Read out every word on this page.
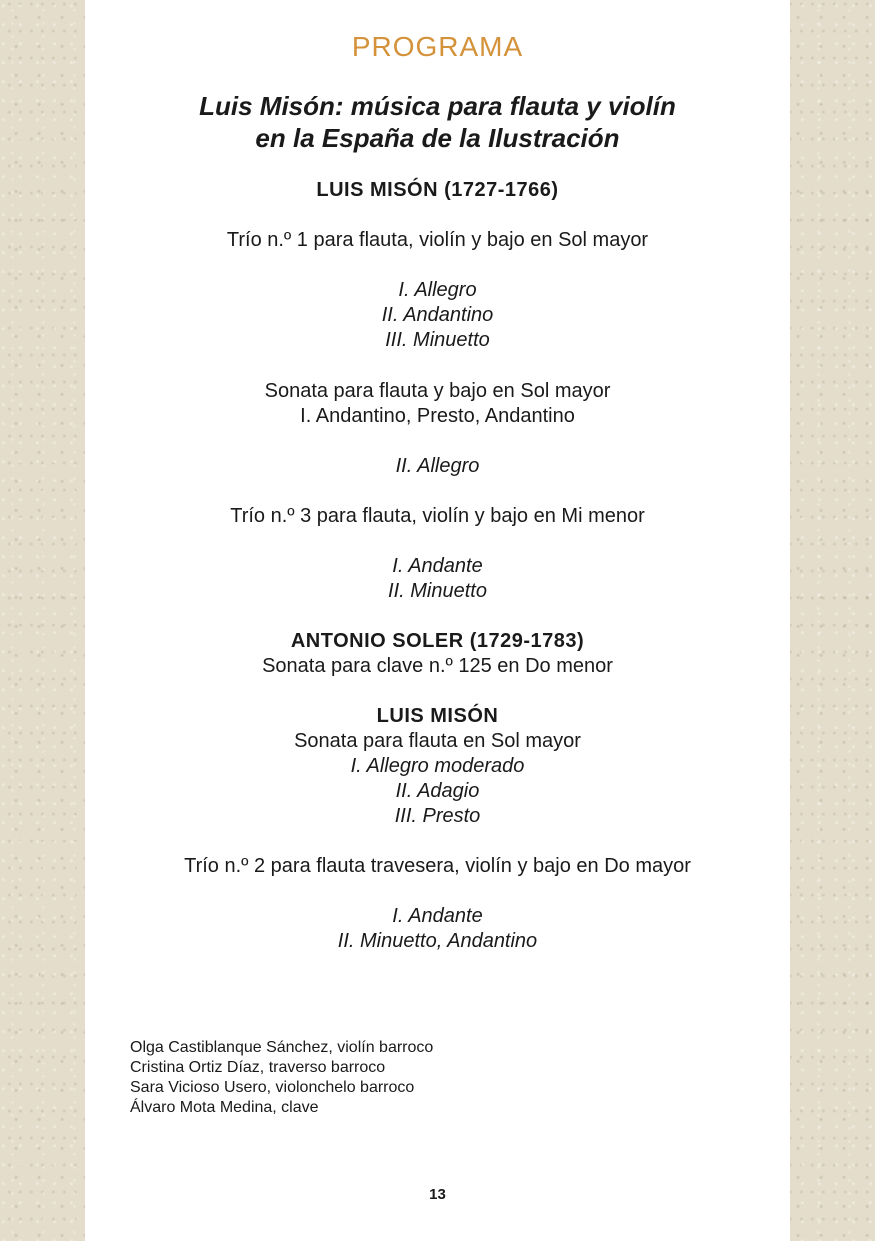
PROGRAMA
Luis Misón: música para flauta y violín
en la España de la Ilustración
LUIS MISÓN (1727-1766)
Trío n.º 1 para flauta, violín y bajo en Sol mayor
I. Allegro
II. Andantino
III. Minuetto
Sonata para flauta y bajo en Sol mayor
I. Andantino, Presto, Andantino
II. Allegro
Trío n.º 3 para flauta, violín y bajo en Mi menor
I. Andante
II. Minuetto
ANTONIO SOLER (1729-1783)
Sonata para clave n.º 125 en Do menor
LUIS MISÓN
Sonata para flauta en Sol mayor
I. Allegro moderado
II. Adagio
III. Presto
Trío n.º 2 para flauta travesera, violín y bajo en Do mayor
I. Andante
II. Minuetto, Andantino
Olga Castiblanque Sánchez, violín barroco
Cristina Ortiz Díaz, traverso barroco
Sara Vicioso Usero, violonchelo barroco
Álvaro Mota Medina, clave
13
